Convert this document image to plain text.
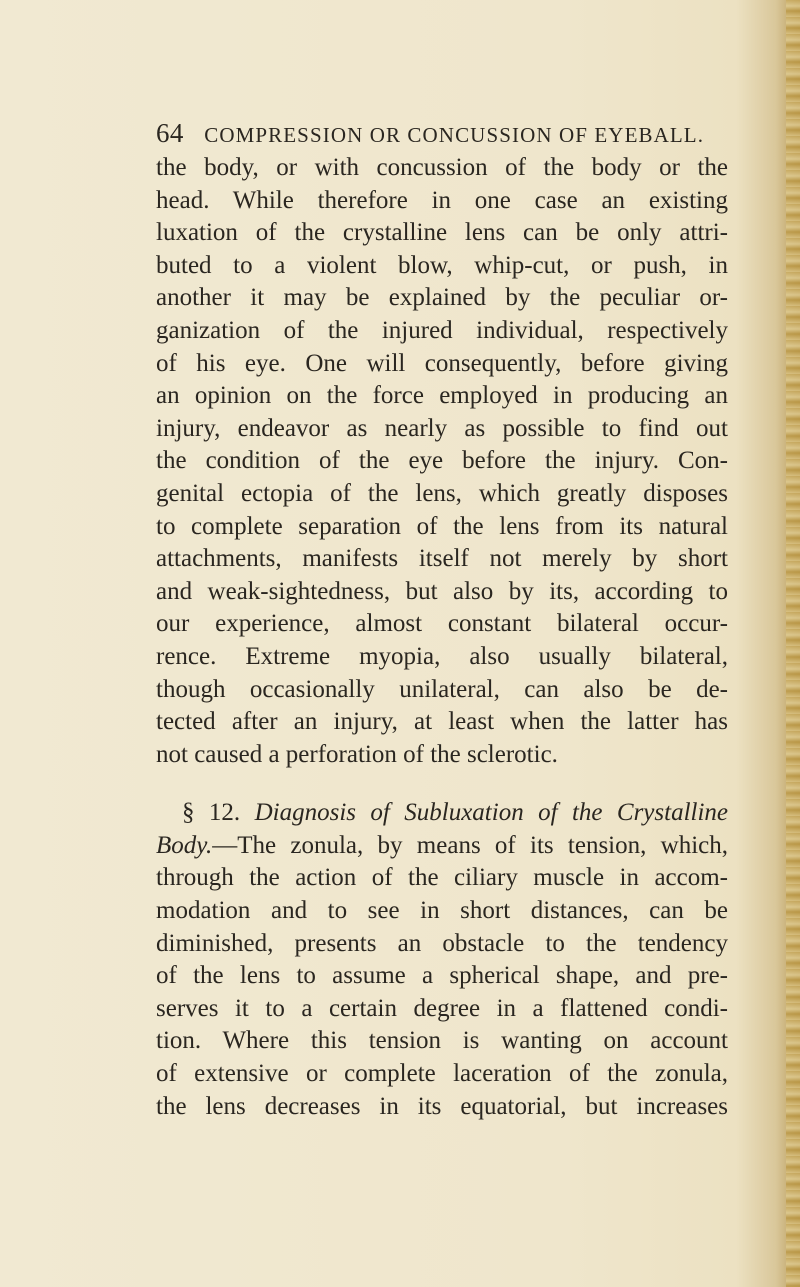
64 COMPRESSION OR CONCUSSION OF EYEBALL.
the body, or with concussion of the body or the
head. While therefore in one case an existing
luxation of the crystalline lens can be only attri-
buted to a violent blow, whip-cut, or push, in
another it may be explained by the peculiar or-
ganization of the injured individual, respectively
of his eye. One will consequently, before giving
an opinion on the force employed in producing an
injury, endeavor as nearly as possible to find out
the condition of the eye before the injury. Con-
genital ectopia of the lens, which greatly disposes
to complete separation of the lens from its natural
attachments, manifests itself not merely by short
and weak-sightedness, but also by its, according to
our experience, almost constant bilateral occur-
rence. Extreme myopia, also usually bilateral,
though occasionally unilateral, can also be de-
tected after an injury, at least when the latter has
not caused a perforation of the sclerotic.
§ 12. Diagnosis of Subluxation of the Crystalline
Body.—The zonula, by means of its tension, which,
through the action of the ciliary muscle in accom-
modation and to see in short distances, can be
diminished, presents an obstacle to the tendency
of the lens to assume a spherical shape, and pre-
serves it to a certain degree in a flattened condi-
tion. Where this tension is wanting on account
of extensive or complete laceration of the zonula,
the lens decreases in its equatorial, but increases
